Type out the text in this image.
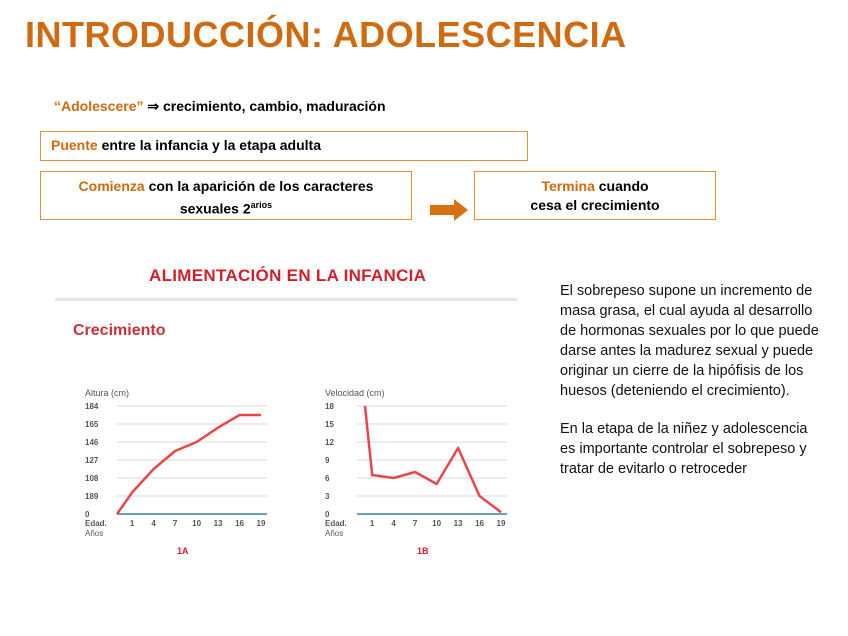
INTRODUCCIÓN: ADOLESCENCIA
“Adolescere” ⇒ crecimiento, cambio, maduración
Puente entre la infancia y la etapa adulta
Comienza con la aparición de los caracteres
sexuales $2^{arios}$
Termina cuando
cesa el crecimiento
ALIMENTACIÓN EN LA INFANCIA
Crecimiento
Altura (cm)
184
165
146
127
108
189
0
1 4 7 10 13 16 19
Edad.
Años
1A
Velocidad (cm)
18
15
12
9
6
3
0
1 4 7 10 13 16 19
Edad.
Años
1B

El sobrepeso supone un incremento de masa grasa, el cual ayuda al desarrollo de hormonas sexuales por lo que puede darse antes la madurez sexual y puede originar un cierre de la hipófisis de los huesos (deteniendo el crecimiento).

En la etapa de la niñez y adolescencia es importante controlar el sobrepeso y tratar de evitarlo o retroceder
